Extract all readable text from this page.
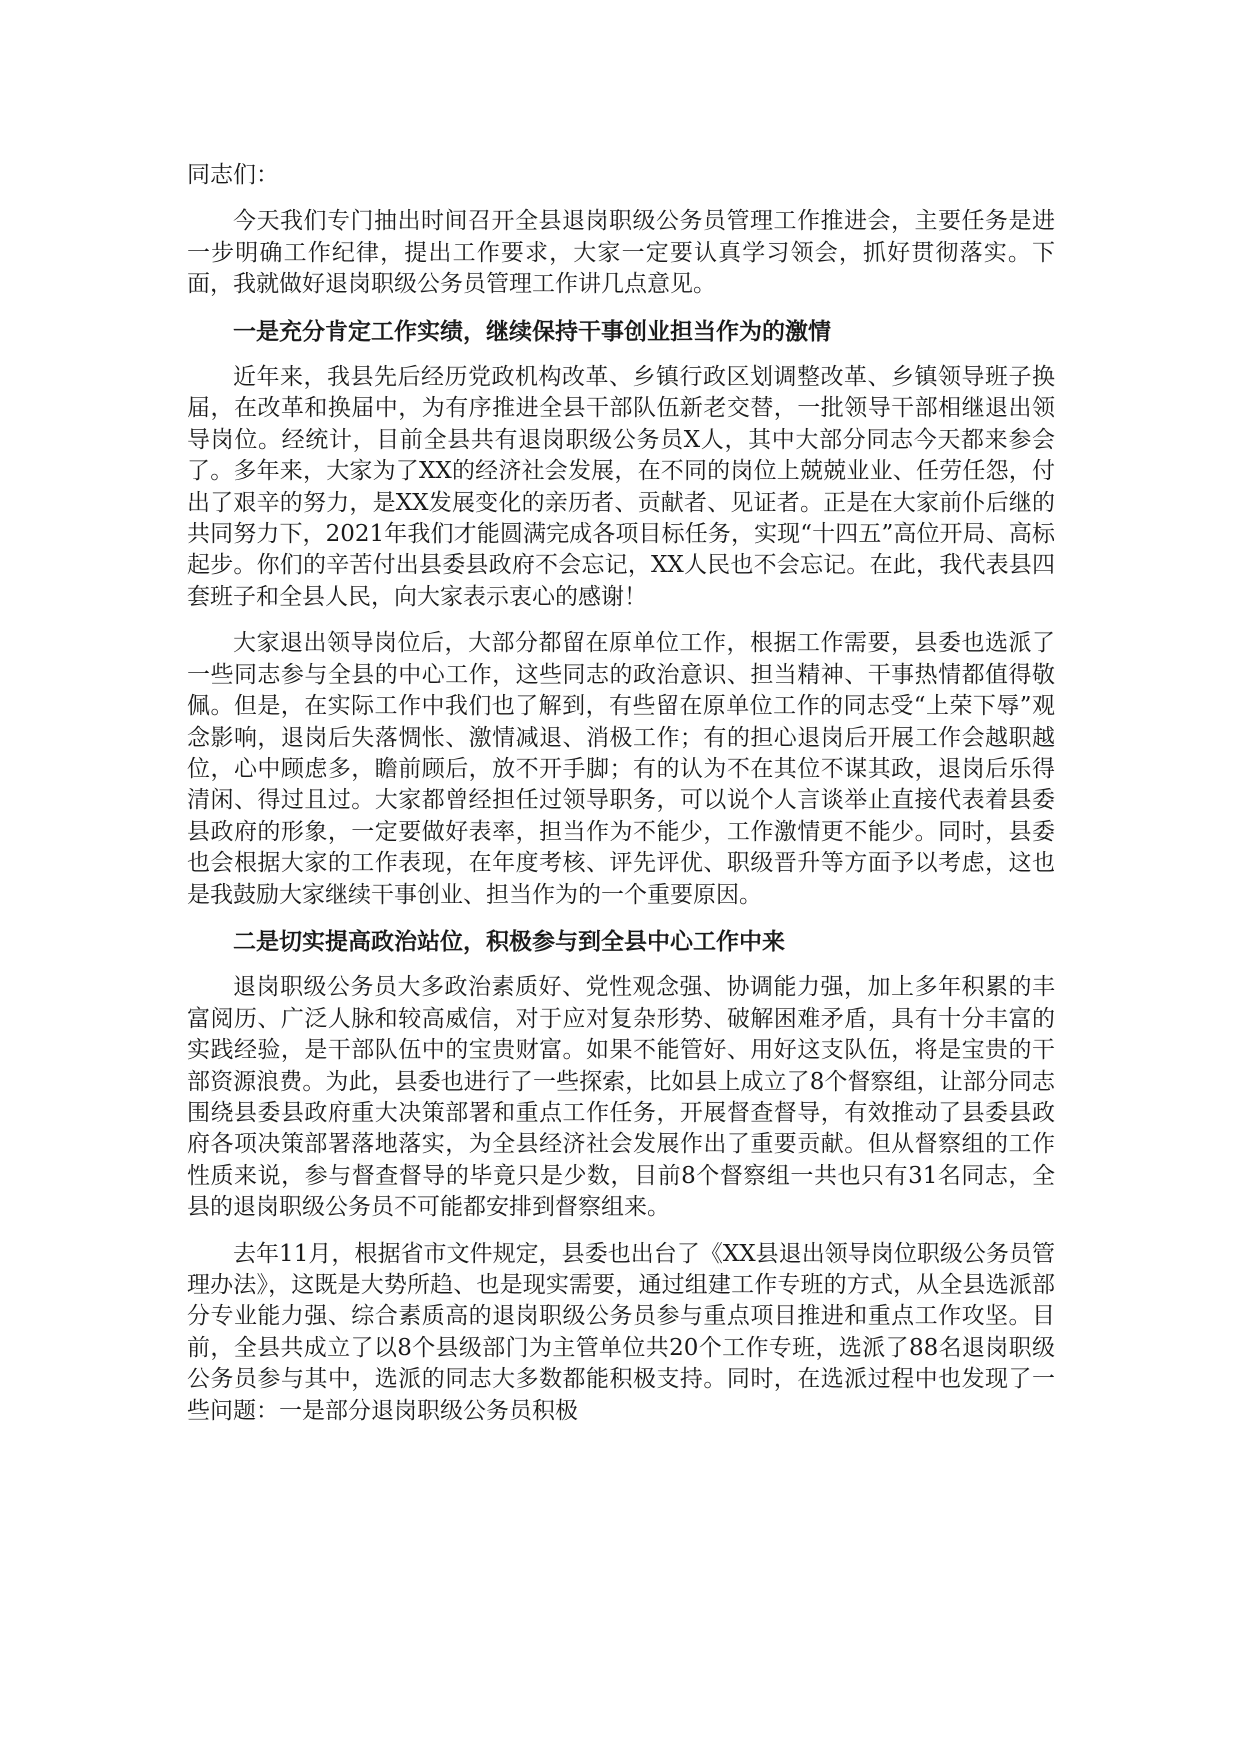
同志们：

今天我们专门抽出时间召开全县退岗职级公务员管理工作推进会，主要任务是进一步明确工作纪律，提出工作要求，大家一定要认真学习领会，抓好贯彻落实。下面，我就做好退岗职级公务员管理工作讲几点意见。

一是充分肯定工作实绩，继续保持干事创业担当作为的激情

近年来，我县先后经历党政机构改革、乡镇行政区划调整改革、乡镇领导班子换届，在改革和换届中，为有序推进全县干部队伍新老交替，一批领导干部相继退出领导岗位。经统计，目前全县共有退岗职级公务员X人，其中大部分同志今天都来参会了。多年来，大家为了XX的经济社会发展，在不同的岗位上兢兢业业、任劳任怨，付出了艰辛的努力，是XX发展变化的亲历者、贡献者、见证者。正是在大家前仆后继的共同努力下，2021年我们才能圆满完成各项目标任务，实现“十四五”高位开局、高标起步。你们的辛苦付出县委县政府不会忘记，XX人民也不会忘记。在此，我代表县四套班子和全县人民，向大家表示衷心的感谢！

大家退出领导岗位后，大部分都留在原单位工作，根据工作需要，县委也选派了一些同志参与全县的中心工作，这些同志的政治意识、担当精神、干事热情都值得敬佩。但是，在实际工作中我们也了解到，有些留在原单位工作的同志受“上荣下辱”观念影响，退岗后失落惆怅、激情减退、消极工作；有的担心退岗后开展工作会越职越位，心中顾虑多，瞻前顾后，放不开手脚；有的认为不在其位不谋其政，退岗后乐得清闲、得过且过。大家都曾经担任过领导职务，可以说个人言谈举止直接代表着县委县政府的形象，一定要做好表率，担当作为不能少，工作激情更不能少。同时，县委也会根据大家的工作表现，在年度考核、评先评优、职级晋升等方面予以考虑，这也是我鼓励大家继续干事创业、担当作为的一个重要原因。

二是切实提高政治站位，积极参与到全县中心工作中来

退岗职级公务员大多政治素质好、党性观念强、协调能力强，加上多年积累的丰富阅历、广泛人脉和较高威信，对于应对复杂形势、破解困难矛盾，具有十分丰富的实践经验，是干部队伍中的宝贵财富。如果不能管好、用好这支队伍，将是宝贵的干部资源浪费。为此，县委也进行了一些探索，比如县上成立了8个督察组，让部分同志围绕县委县政府重大决策部署和重点工作任务，开展督查督导，有效推动了县委县政府各项决策部署落地落实，为全县经济社会发展作出了重要贡献。但从督察组的工作性质来说，参与督查督导的毕竟只是少数，目前8个督察组一共也只有31名同志，全县的退岗职级公务员不可能都安排到督察组来。

去年11月，根据省市文件规定，县委也出台了《XX县退出领导岗位职级公务员管理办法》，这既是大势所趋、也是现实需要，通过组建工作专班的方式，从全县选派部分专业能力强、综合素质高的退岗职级公务员参与重点项目推进和重点工作攻坚。目前，全县共成立了以8个县级部门为主管单位共20个工作专班，选派了88名退岗职级公务员参与其中，选派的同志大多数都能积极支持。同时，在选派过程中也发现了一些问题：一是部分退岗职级公务员积极
